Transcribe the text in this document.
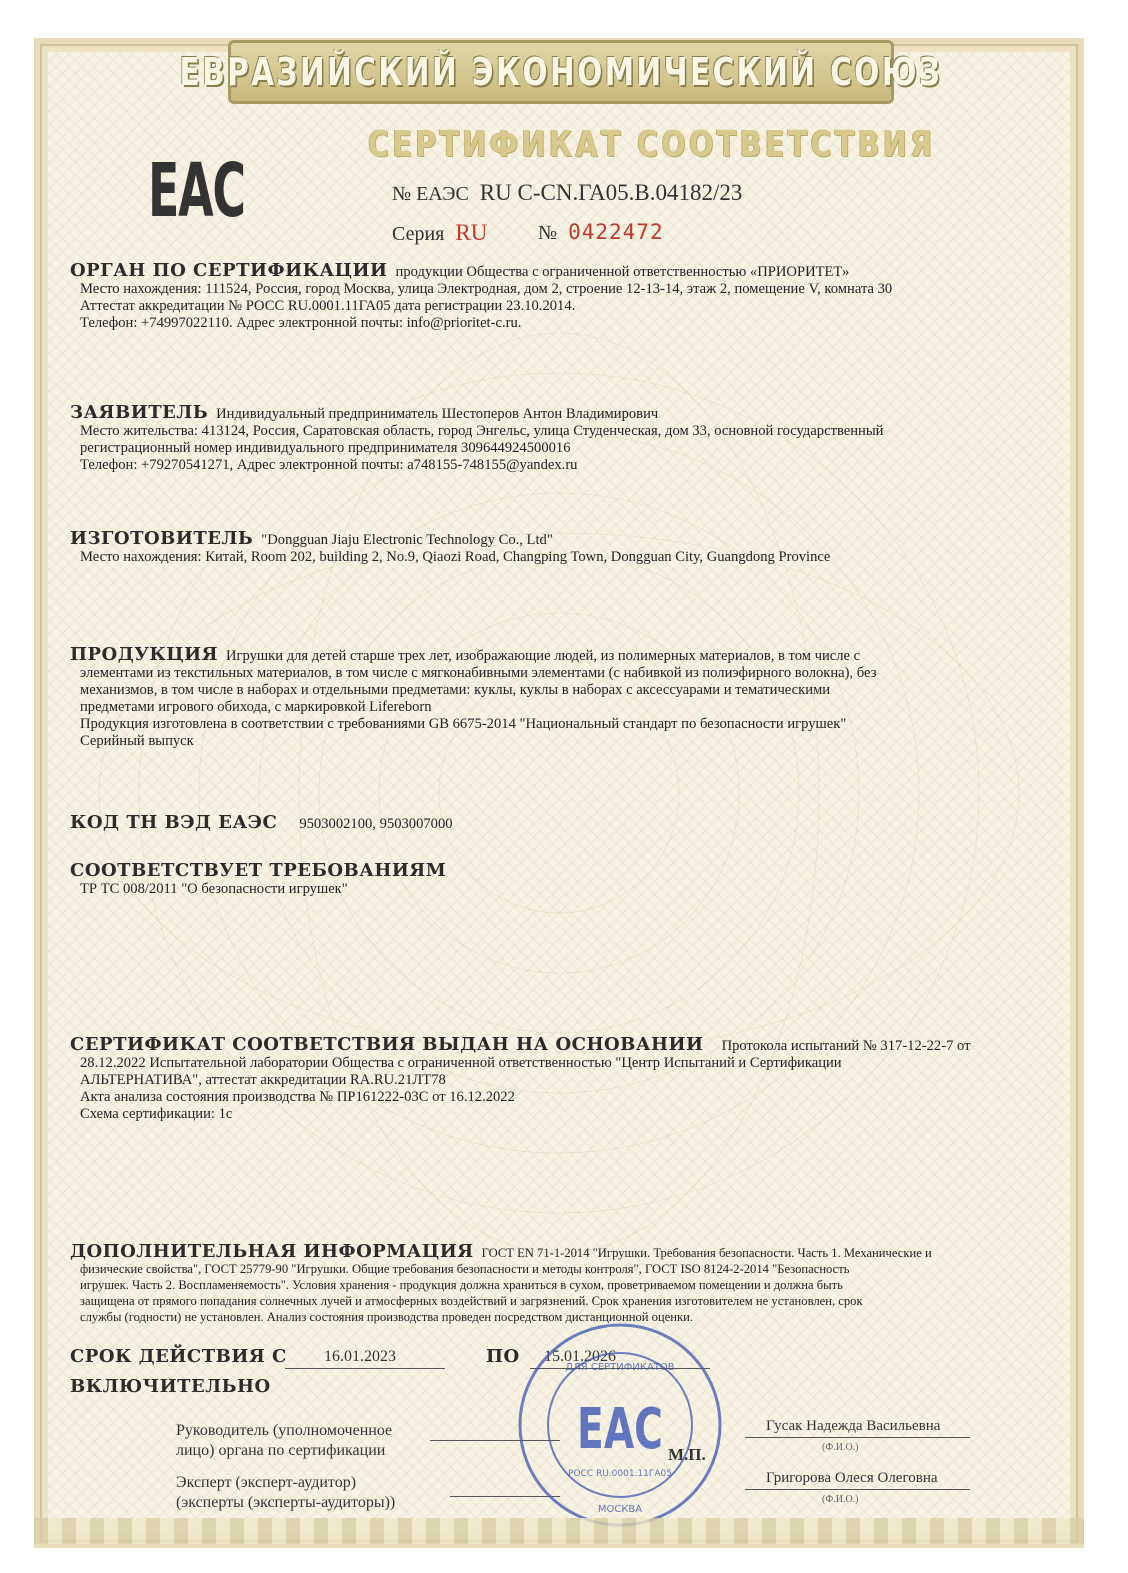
ЕВРАЗИЙСКИЙ ЭКОНОМИЧЕСКИЙ СОЮЗ
СЕРТИФИКАТ СООТВЕТСТВИЯ
EAC	№ ЕАЭС RU C-CN.ГА05.В.04182/23
Серия RU	№ 0422472
ОРГАН ПО СЕРТИФИКАЦИИ продукции Общества с ограниченной ответственностью «ПРИОРИТЕТ»
Место нахождения: 111524, Россия, город Москва, улица Электродная, дом 2, строение 12-13-14, этаж 2, помещение V, комната 30
Аттестат аккредитации № РОСС RU.0001.11ГА05 дата регистрации 23.10.2014.
Телефон: +74997022110. Адрес электронной почты: info@prioritet-c.ru.
ЗАЯВИТЕЛЬ Индивидуальный предприниматель Шестоперов Антон Владимирович
Место жительства: 413124, Россия, Саратовская область, город Энгельс, улица Студенческая, дом 33, основной государственный
регистрационный номер индивидуального предпринимателя 309644924500016
Телефон: +79270541271, Адрес электронной почты: a748155-748155@yandex.ru
ИЗГОТОВИТЕЛЬ "Dongguan Jiaju Electronic Technology Co., Ltd"
Место нахождения: Китай, Room 202, building 2, No.9, Qiaozi Road, Changping Town, Dongguan City, Guangdong Province
ПРОДУКЦИЯ Игрушки для детей старше трех лет, изображающие людей, из полимерных материалов, в том числе с
элементами из текстильных материалов, в том числе с мягконабивными элементами (с набивкой из полиэфирного волокна), без
механизмов, в том числе в наборах и отдельными предметами: куклы, куклы в наборах с аксессуарами и тематическими
предметами игрового обихода, с маркировкой Lifereborn
Продукция изготовлена в соответствии с требованиями GB 6675-2014 "Национальный стандарт по безопасности игрушек"
Серийный выпуск
КОД ТН ВЭД ЕАЭС 9503002100, 9503007000
СООТВЕТСТВУЕТ ТРЕБОВАНИЯМ
ТР ТС 008/2011 "О безопасности игрушек"
СЕРТИФИКАТ СООТВЕТСТВИЯ ВЫДАН НА ОСНОВАНИИ Протокола испытаний № 317-12-22-7 от
28.12.2022 Испытательной лаборатории Общества с ограниченной ответственностью "Центр Испытаний и Сертификации
АЛЬТЕРНАТИВА", аттестат аккредитации RA.RU.21ЛТ78
Акта анализа состояния производства № ПР161222-03С от 16.12.2022
Схема сертификации: 1с
ДОПОЛНИТЕЛЬНАЯ ИНФОРМАЦИЯ ГОСТ EN 71-1-2014 "Игрушки. Требования безопасности. Часть 1. Механические и
физические свойства", ГОСТ 25779-90 "Игрушки. Общие требования безопасности и методы контроля", ГОСТ ISO 8124-2-2014 "Безопасность
игрушек. Часть 2. Воспламеняемость". Условия хранения - продукция должна храниться в сухом, проветриваемом помещении и должна быть
защищена от прямого попадания солнечных лучей и атмосферных воздействий и загрязнений. Срок хранения изготовителем не установлен, срок
службы (годности) не установлен. Анализ состояния производства проведен посредством дистанционной оценки.
СРОК ДЕЙСТВИЯ С	16.01.2023	ПО	15.01.2026
ВКЛЮЧИТЕЛЬНО
Руководитель (уполномоченное
лицо) органа по сертификации
Гусак Надежда Васильевна
(Ф.И.О.)
Эксперт (эксперт-аудитор)
(эксперты (эксперты-аудиторы))
Григорова Олеся Олеговна
(Ф.И.О.)
М.П.
ДЛЯ СЕРТИФИКАТОВ
ЕАС
РОСС RU.0001.11ГА05
МОСКВА
